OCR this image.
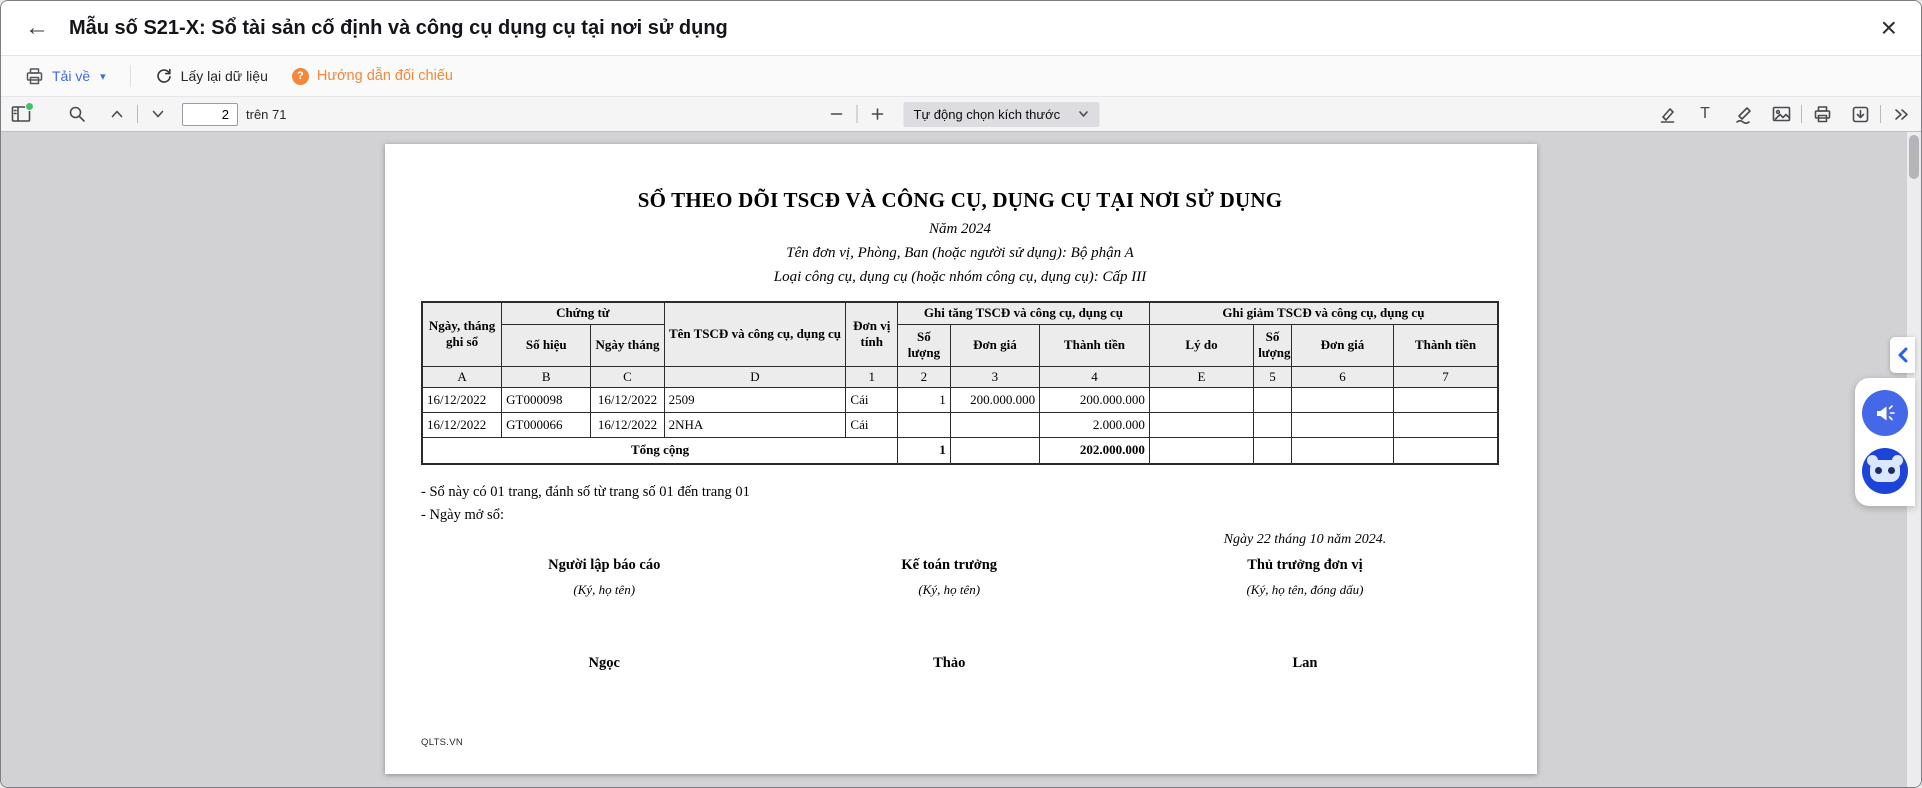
← Mẫu số S21-X: Sổ tài sản cố định và công cụ dụng cụ tại nơi sử dụng	×
Tải về ▾	Lấy lại dữ liệu	? Hướng dẫn đối chiếu
2
trên 71	Tự động chọn kích thước	T
SỔ THEO DÕI TSCĐ VÀ CÔNG CỤ, DỤNG CỤ TẠI NƠI SỬ DỤNG
Năm 2024
Tên đơn vị, Phòng, Ban (hoặc người sử dụng): Bộ phận A
Loại công cụ, dụng cụ (hoặc nhóm công cụ, dụng cụ): Cấp III
Ngày, tháng ghi sổ	Chứng từ		Tên TSCĐ và công cụ, dụng cụ	Đơn vị tính	Ghi tăng TSCĐ và công cụ, dụng cụ			Ghi giảm TSCĐ và công cụ, dụng cụ			
	Số hiệu	Ngày tháng			Số lượng	Đơn giá	Thành tiền	Lý do	Số lượng	Đơn giá	Thành tiền
A	B	C	D	1	2	3	4	E	5	6	7
16/12/2022	GT000098	16/12/2022	2509	Cái	1	200.000.000	200.000.000				
16/12/2022	GT000066	16/12/2022	2NHA	Cái			2.000.000				
Tổng cộng					1		202.000.000				
- Sổ này có 01 trang, đánh số từ trang số 01 đến trang 01
- Ngày mở sổ:
Ngày 22 tháng 10 năm 2024.
Người lập báo cáo
(Ký, họ tên)
Ngọc
Kế toán trưởng
(Ký, họ tên)
Thảo
Thủ trưởng đơn vị
(Ký, họ tên, đóng dấu)
Lan
QLTS.VN
